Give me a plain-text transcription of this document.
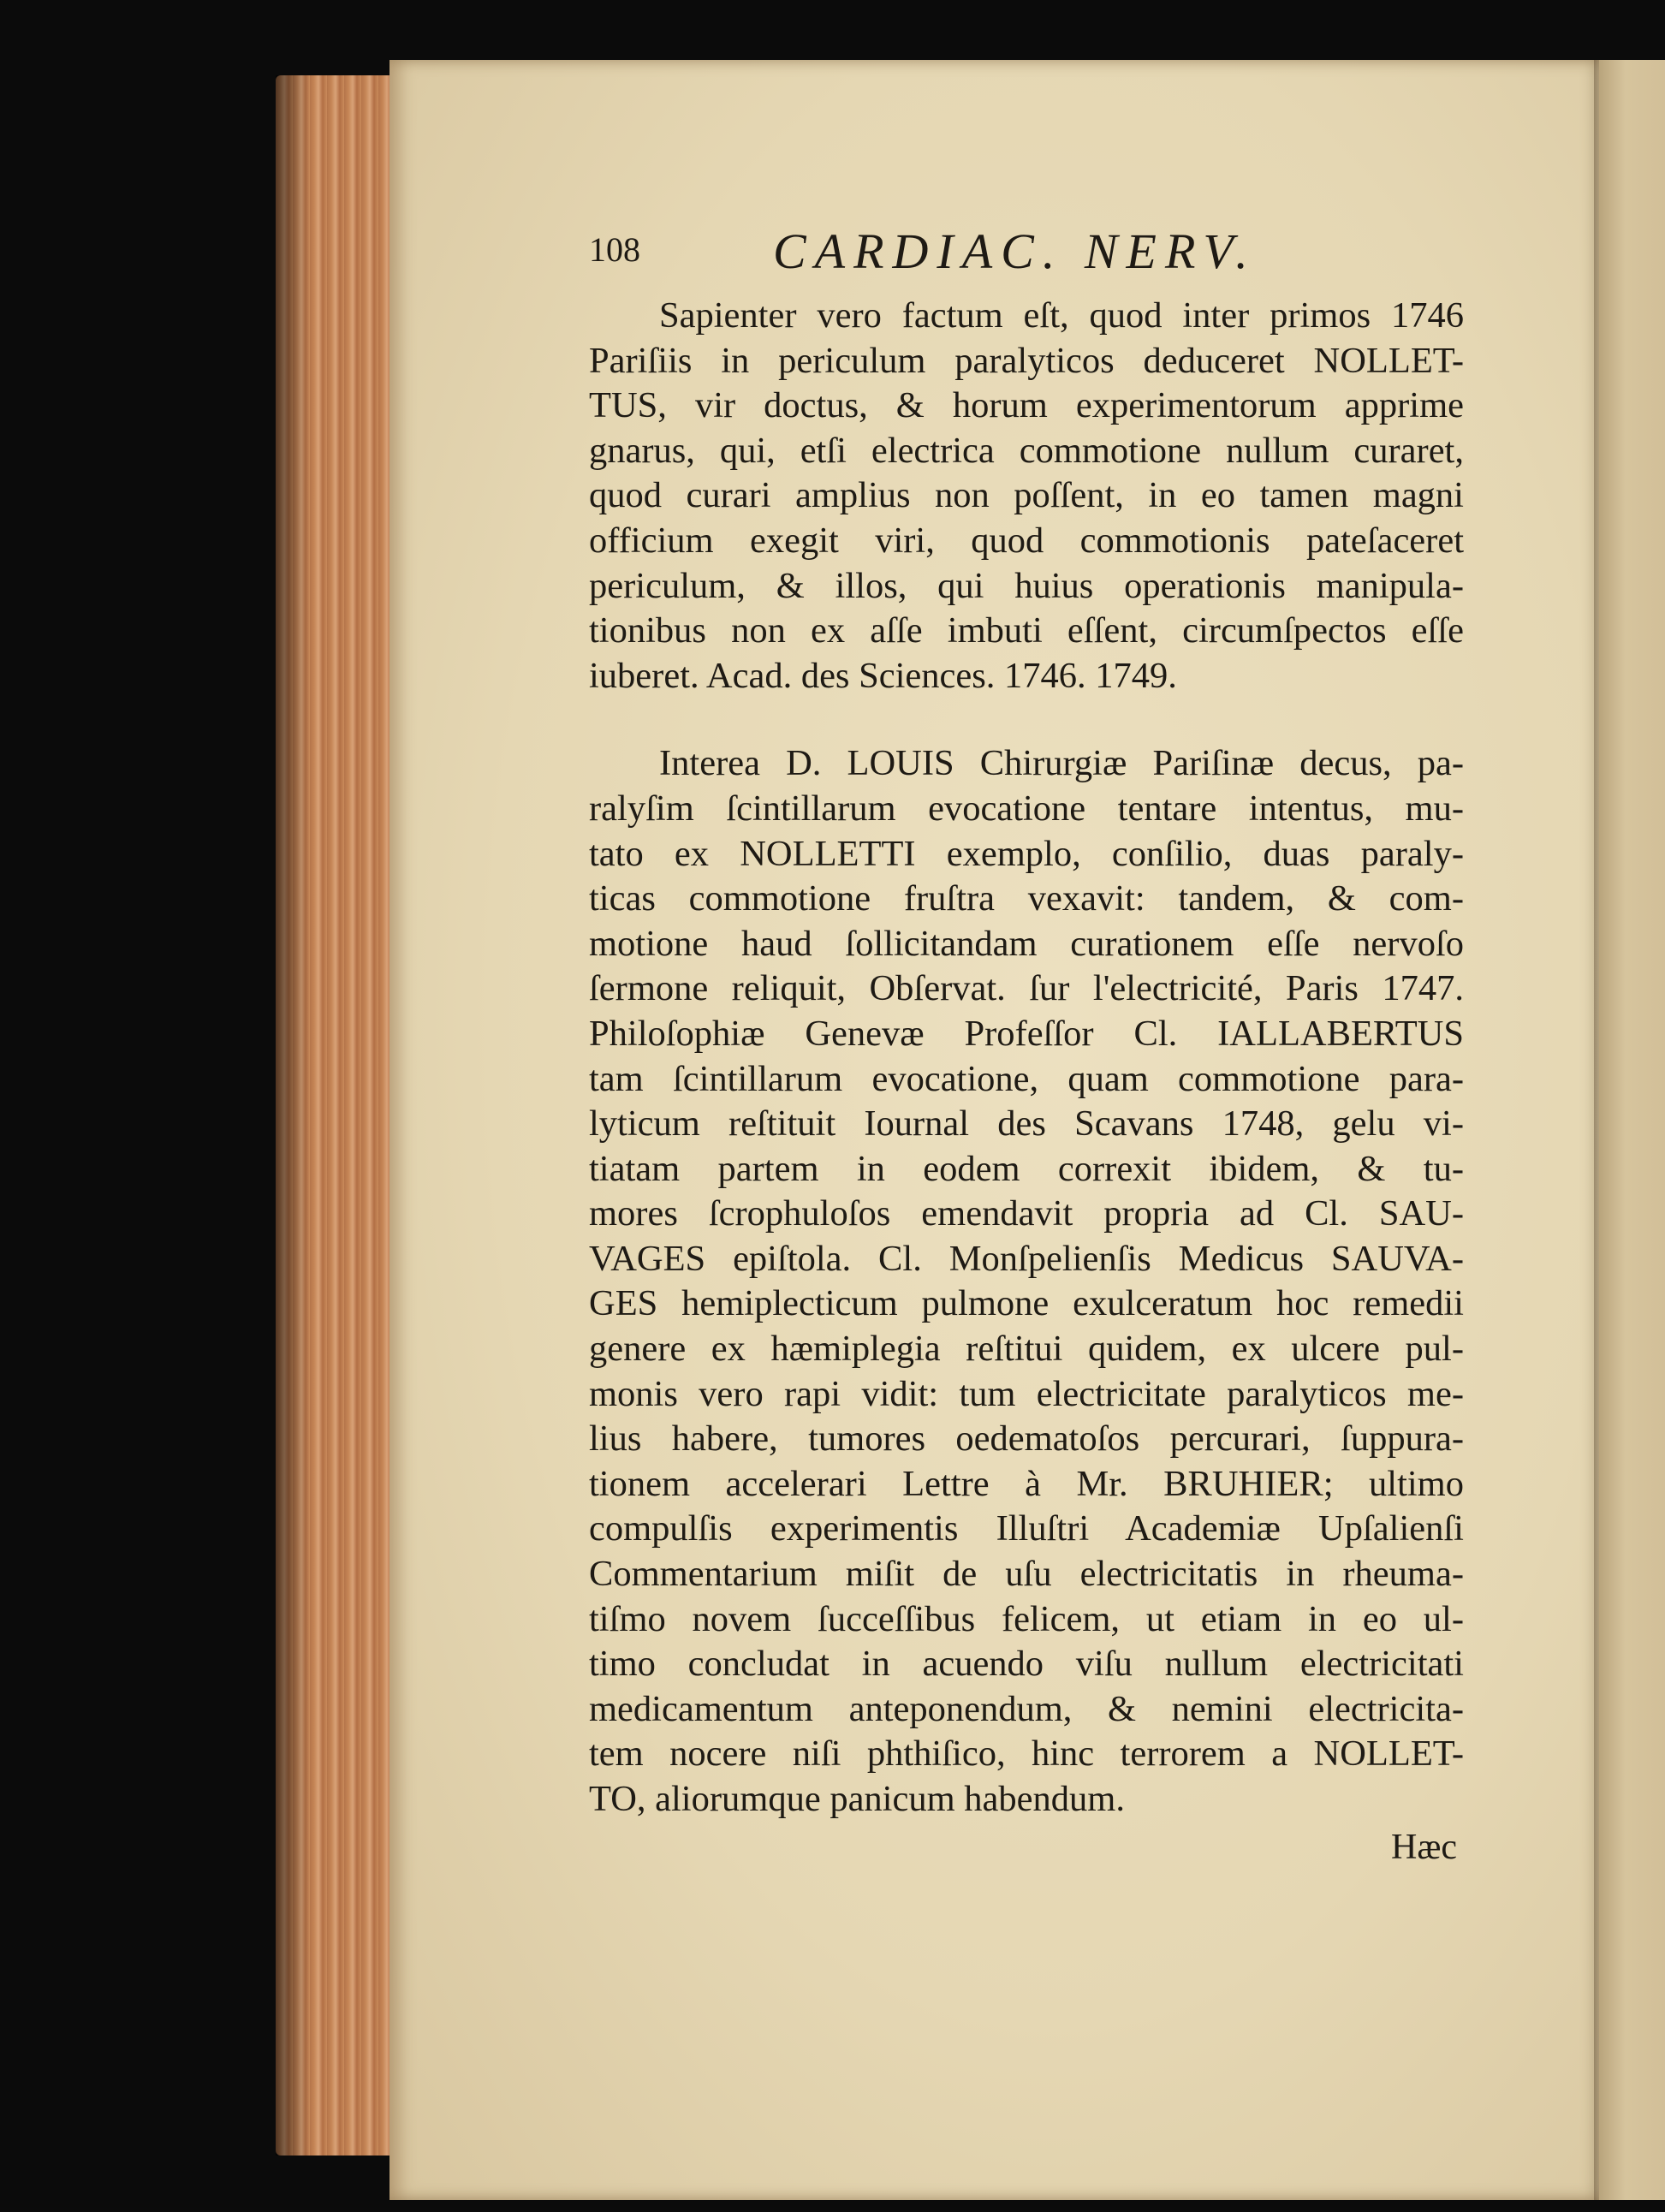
108	CARDIAC. NERV.
Sapienter vero factum eſt, quod inter primos 1746
Pariſiis in periculum paralyticos deduceret NOLLET-
TUS, vir doctus, & horum experimentorum apprime
gnarus, qui, etſi electrica commotione nullum curaret,
quod curari amplius non poſſent, in eo tamen magni
officium exegit viri, quod commotionis pateſaceret
periculum, & illos, qui huius operationis manipula-
tionibus non ex aſſe imbuti eſſent, circumſpectos eſſe
iuberet. Acad. des Sciences. 1746. 1749.
Interea D. LOUIS Chirurgiæ Pariſinæ decus, pa-
ralyſim ſcintillarum evocatione tentare intentus, mu-
tato ex NOLLETTI exemplo, conſilio, duas paraly-
ticas commotione fruſtra vexavit: tandem, & com-
motione haud ſollicitandam curationem eſſe nervoſo
ſermone reliquit, Obſervat. ſur l'electricité, Paris 1747.
Philoſophiæ Genevæ Profeſſor Cl. IALLABERTUS
tam ſcintillarum evocatione, quam commotione para-
lyticum reſtituit Iournal des Scavans 1748, gelu vi-
tiatam partem in eodem correxit ibidem, & tu-
mores ſcrophuloſos emendavit propria ad Cl. SAU-
VAGES epiſtola. Cl. Monſpelienſis Medicus SAUVA-
GES hemiplecticum pulmone exulceratum hoc remedii
genere ex hæmiplegia reſtitui quidem, ex ulcere pul-
monis vero rapi vidit: tum electricitate paralyticos me-
lius habere, tumores oedematoſos percurari, ſuppura-
tionem accelerari Lettre à Mr. BRUHIER; ultimo
compulſis experimentis Illuſtri Academiæ Upſalienſi
Commentarium miſit de uſu electricitatis in rheuma-
tiſmo novem ſucceſſibus felicem, ut etiam in eo ul-
timo concludat in acuendo viſu nullum electricitati
medicamentum anteponendum, & nemini electricita-
tem nocere niſi phthiſico, hinc terrorem a NOLLET-
TO, aliorumque panicum habendum.
Hæc
